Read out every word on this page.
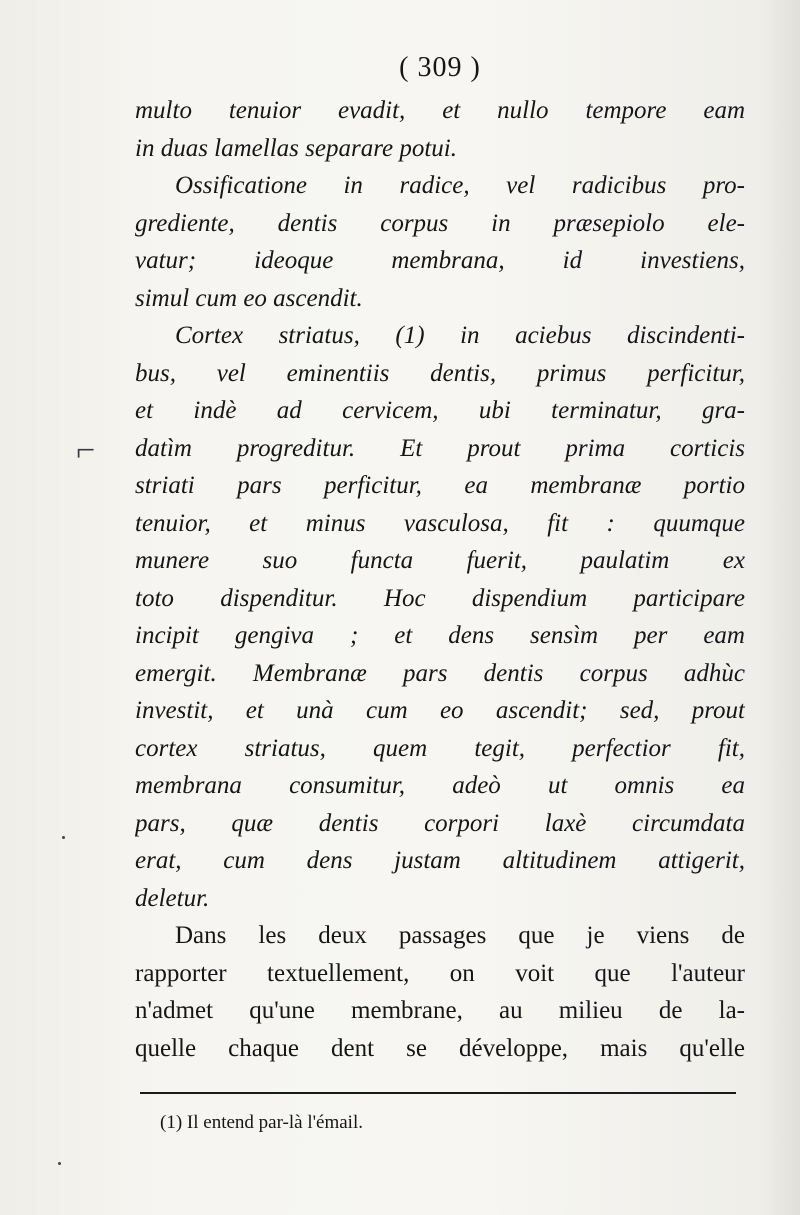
( 309 )
⌐
multo tenuior evadit, et nullo tempore eam
in duas lamellas separare potui.
Ossificatione in radice, vel radicibus pro-
grediente, dentis corpus in præsepiolo ele-
vatur; ideoque membrana, id investiens,
simul cum eo ascendit.
Cortex striatus, (1) in aciebus discindenti-
bus, vel eminentiis dentis, primus perficitur,
et indè ad cervicem, ubi terminatur, gra-
datìm progreditur. Et prout prima corticis
striati pars perficitur, ea membranæ portio
tenuior, et minus vasculosa, fit : quumque
munere suo functa fuerit, paulatim ex
toto dispenditur. Hoc dispendium participare
incipit gengiva ; et dens sensìm per eam
emergit. Membranæ pars dentis corpus adhùc
investit, et unà cum eo ascendit; sed, prout
cortex striatus, quem tegit, perfectior fit,
membrana consumitur, adeò ut omnis ea
pars, quæ dentis corpori laxè circumdata
erat, cum dens justam altitudinem attigerit,
deletur.
Dans les deux passages que je viens de
rapporter textuellement, on voit que l'auteur
n'admet qu'une membrane, au milieu de la-
quelle chaque dent se développe, mais qu'elle
(1) Il entend par-là l'émail.
